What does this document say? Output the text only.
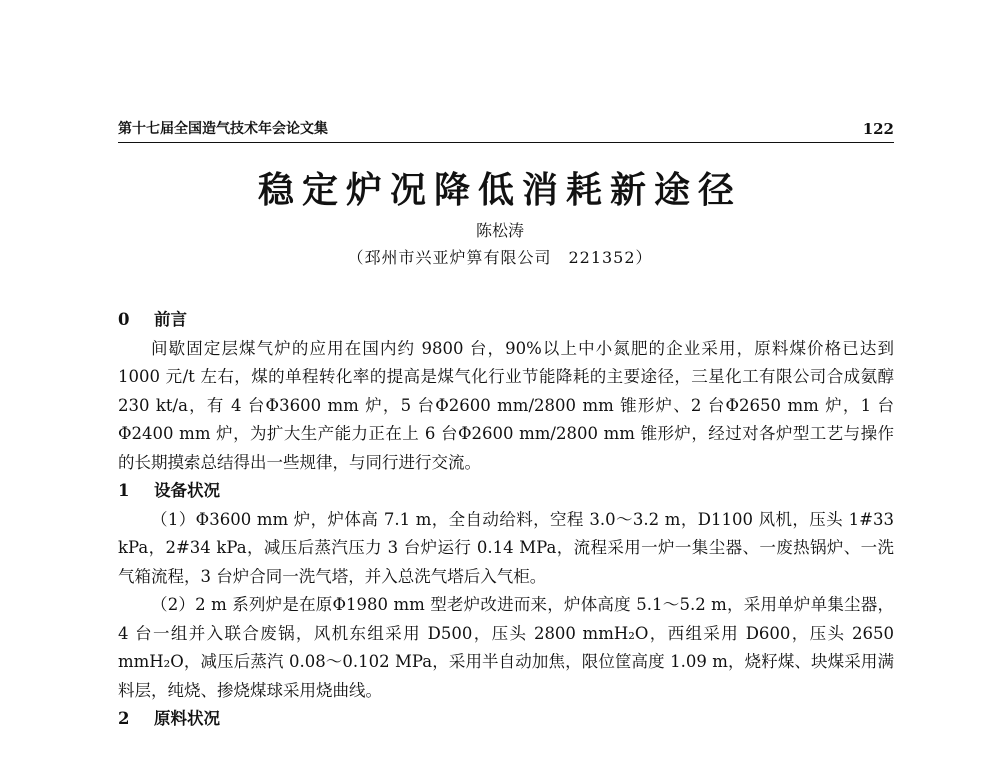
第十七届全国造气技术年会论文集	122
稳定炉况降低消耗新途径
陈松涛
（邳州市兴亚炉箅有限公司　221352）
0 前言

间歇固定层煤气炉的应用在国内约 9800 台，90%以上中小氮肥的企业采用，原料煤价格已达到 1000 元/t 左右，煤的单程转化率的提高是煤气化行业节能降耗的主要途径，三星化工有限公司合成氨醇 230 kt/a，有 4 台Φ3600 mm 炉，5 台Φ2600 mm/2800 mm 锥形炉、2 台Φ2650 mm 炉，1 台Φ2400 mm 炉，为扩大生产能力正在上 6 台Φ2600 mm/2800 mm 锥形炉，经过对各炉型工艺与操作的长期摸索总结得出一些规律，与同行进行交流。

1 设备状况

（1）Φ3600 mm 炉，炉体高 7.1 m，全自动给料，空程 3.0～3.2 m，D1100 风机，压头 1#33 kPa，2#34 kPa，减压后蒸汽压力 3 台炉运行 0.14 MPa，流程采用一炉一集尘器、一废热锅炉、一洗气箱流程，3 台炉合同一洗气塔，并入总洗气塔后入气柜。

（2）2 m 系列炉是在原Φ1980 mm 型老炉改进而来，炉体高度 5.1～5.2 m，采用单炉单集尘器，4 台一组并入联合废锅，风机东组采用 D500，压头 2800 mmH₂O，西组采用 D600，压头 2650 mmH₂O，减压后蒸汽 0.08～0.102 MPa，采用半自动加焦，限位筐高度 1.09 m，烧籽煤、块煤采用满料层，纯烧、掺烧煤球采用烧曲线。

2 原料状况
